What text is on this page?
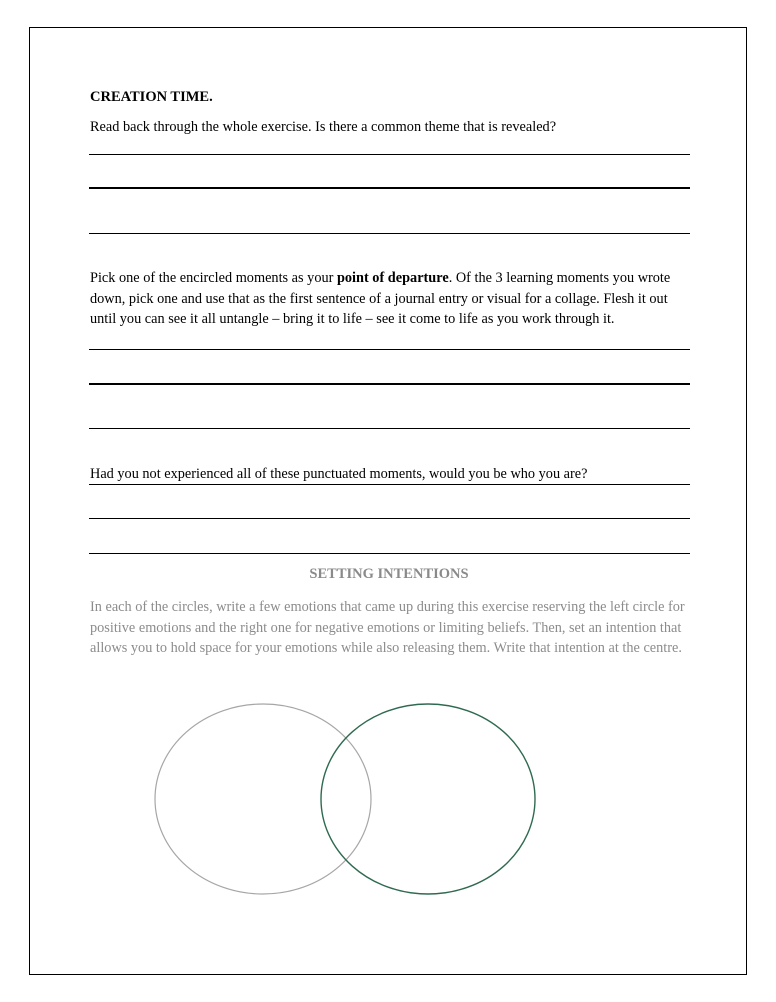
CREATION TIME.

Read back through the whole exercise. Is there a common theme that is revealed?

Pick one of the encircled moments as your point of departure. Of the 3 learning moments you wrote down, pick one and use that as the first sentence of a journal entry or visual for a collage. Flesh it out until you can see it all untangle – bring it to life – see it come to life as you work through it.

Had you not experienced all of these punctuated moments, would you be who you are?

SETTING INTENTIONS

In each of the circles, write a few emotions that came up during this exercise reserving the left circle for positive emotions and the right one for negative emotions or limiting beliefs. Then, set an intention that allows you to hold space for your emotions while also releasing them. Write that intention at the centre.
